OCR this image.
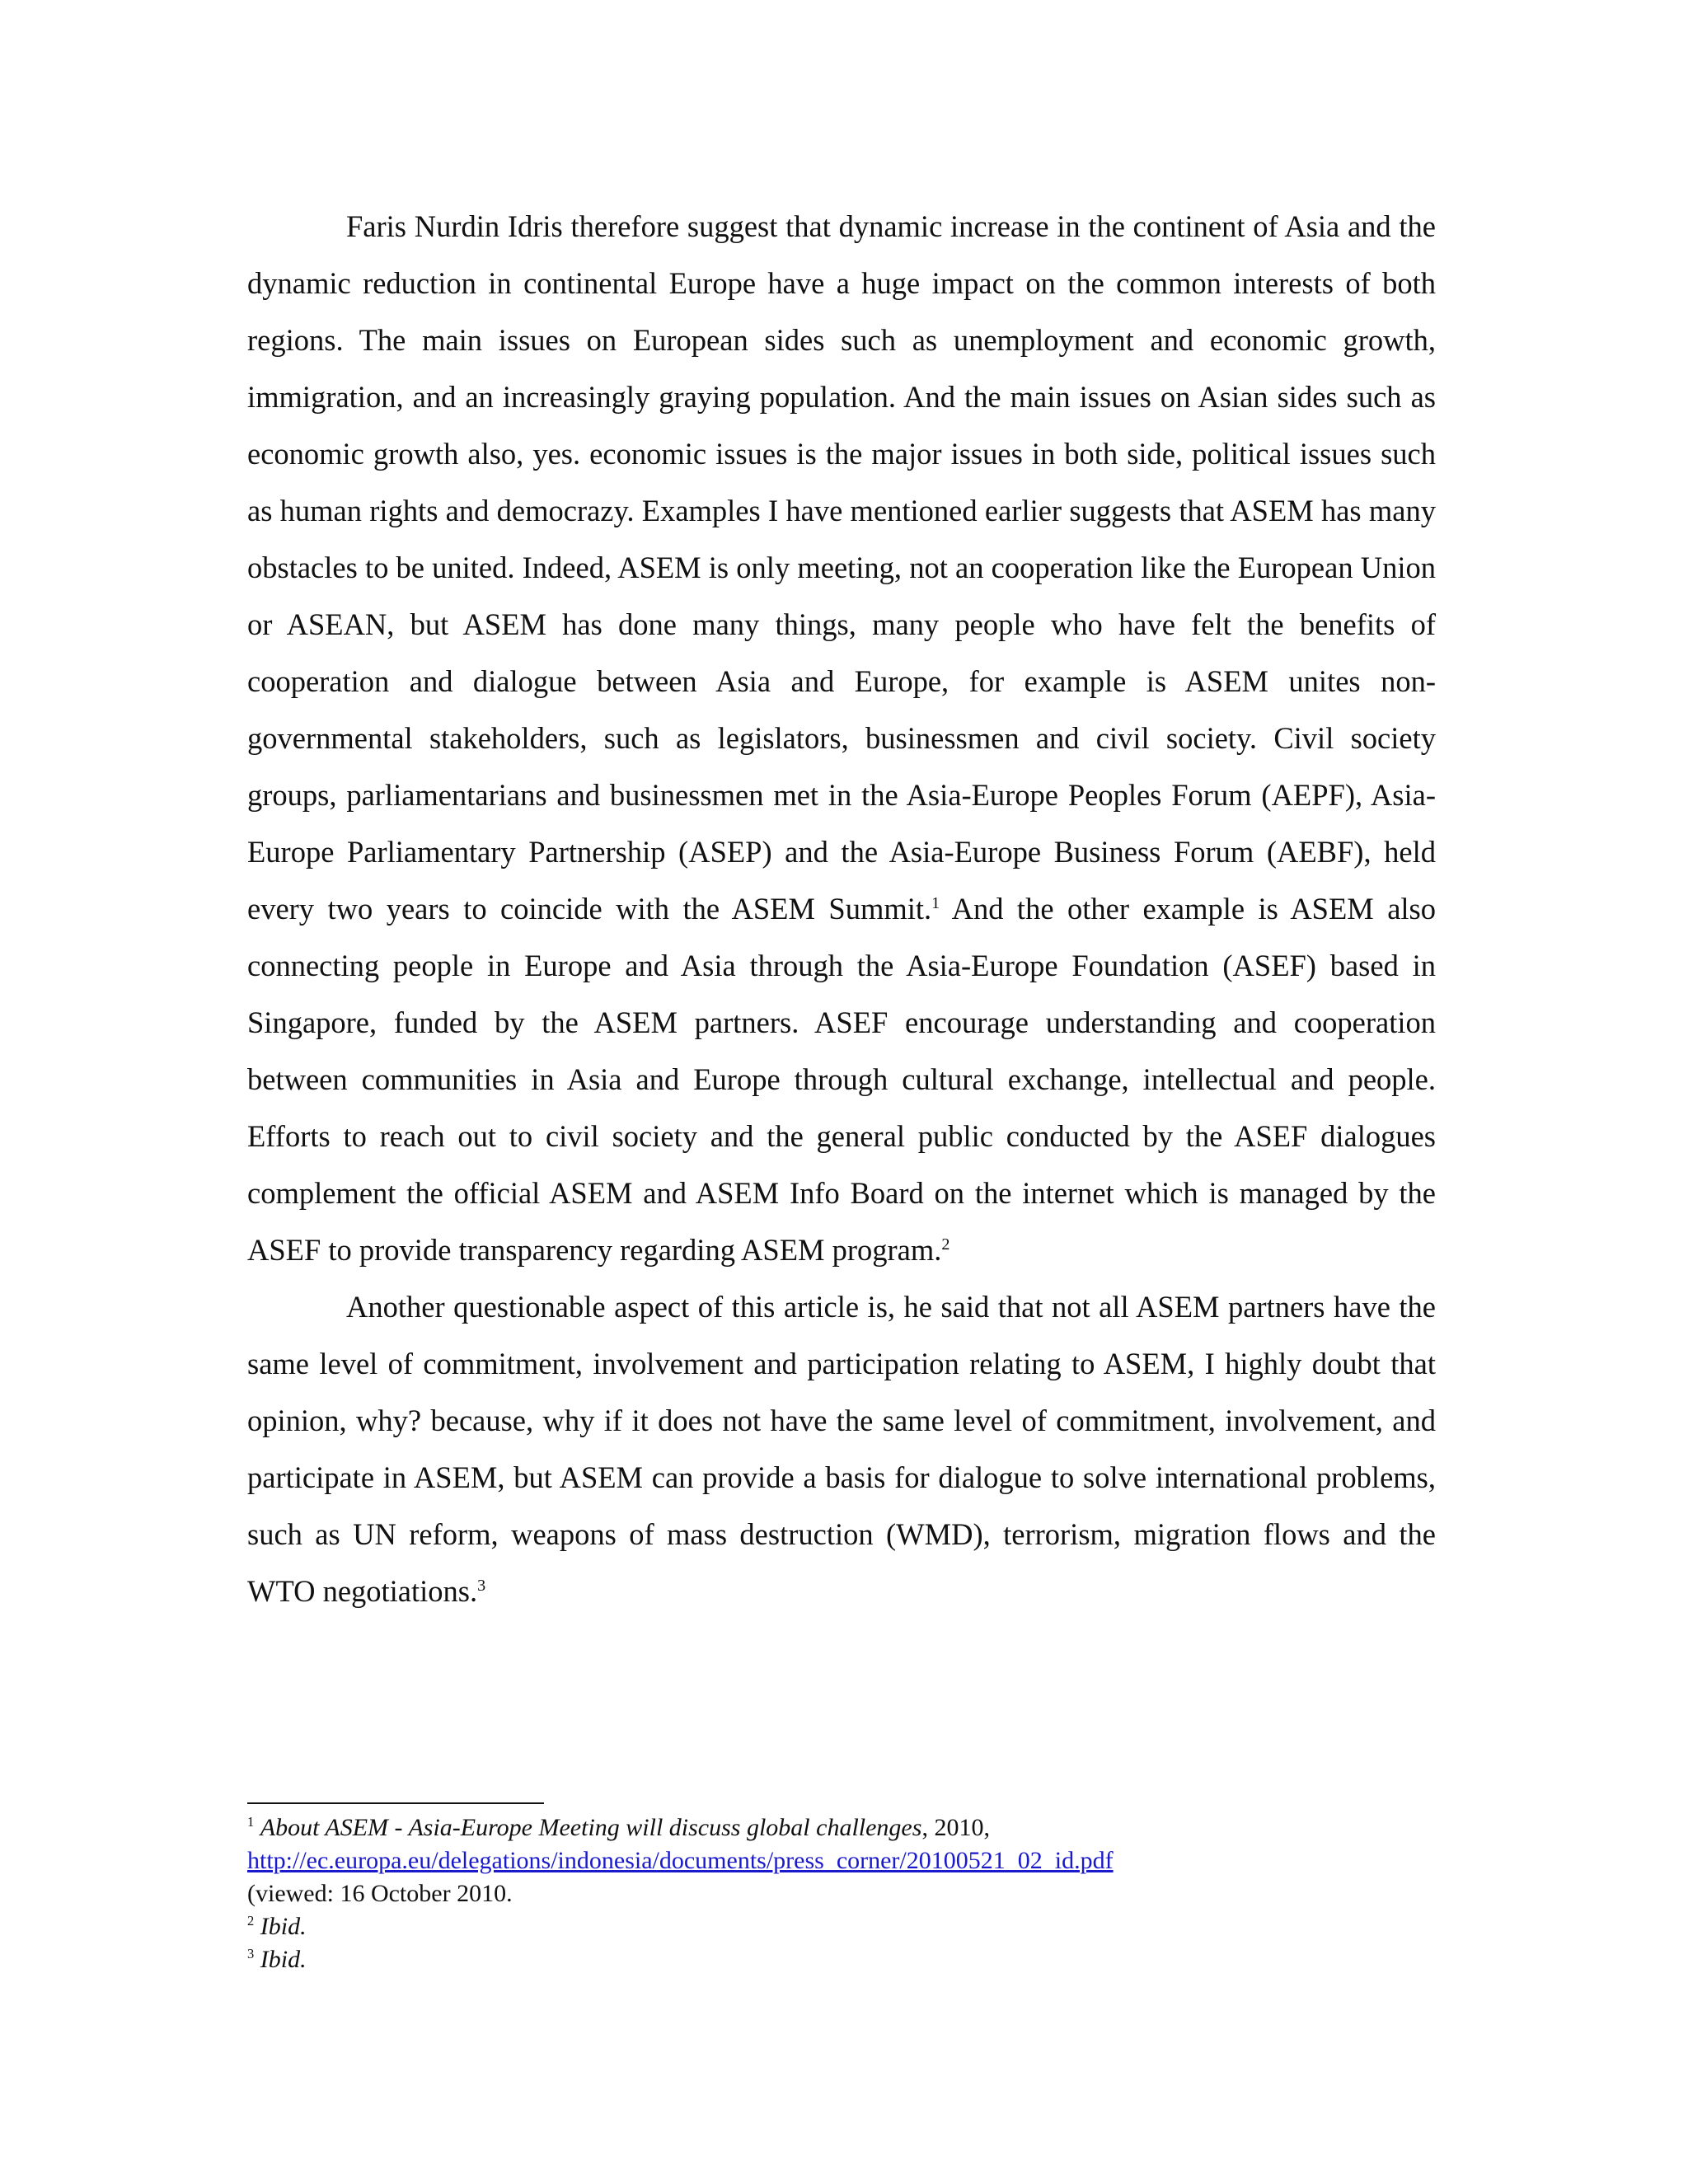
Faris Nurdin Idris therefore suggest that dynamic increase in the continent of Asia and the dynamic reduction in continental Europe have a huge impact on the common interests of both regions. The main issues on European sides such as unemployment and economic growth, immigration, and an increasingly graying population. And the main issues on Asian sides such as economic growth also, yes. economic issues is the major issues in both side, political issues such as human rights and democrazy. Examples I have mentioned earlier suggests that ASEM has many obstacles to be united. Indeed, ASEM is only meeting, not an cooperation like the European Union or ASEAN, but ASEM has done many things, many people who have felt the benefits of cooperation and dialogue between Asia and Europe, for example is ASEM unites non-governmental stakeholders, such as legislators, businessmen and civil society. Civil society groups, parliamentarians and businessmen met in the Asia-Europe Peoples Forum (AEPF), Asia-Europe Parliamentary Partnership (ASEP) and the Asia-Europe Business Forum (AEBF), held every two years to coincide with the ASEM Summit.$^1$ And the other example is ASEM also connecting people in Europe and Asia through the Asia-Europe Foundation (ASEF) based in Singapore, funded by the ASEM partners. ASEF encourage understanding and cooperation between communities in Asia and Europe through cultural exchange, intellectual and people. Efforts to reach out to civil society and the general public conducted by the ASEF dialogues complement the official ASEM and ASEM Info Board on the internet which is managed by the ASEF to provide transparency regarding ASEM program.$^2$

Another questionable aspect of this article is, he said that not all ASEM partners have the same level of commitment, involvement and participation relating to ASEM, I highly doubt that opinion, why? because, why if it does not have the same level of commitment, involvement, and participate in ASEM, but ASEM can provide a basis for dialogue to solve international problems, such as UN reform, weapons of mass destruction (WMD), terrorism, migration flows and the WTO negotiations.$^3$

$^1$ About ASEM - Asia-Europe Meeting will discuss global challenges, 2010,
http://ec.europa.eu/delegations/indonesia/documents/press_corner/20100521_02_id.pdf
(viewed: 16 October 2010.

$^2$ Ibid.

$^3$ Ibid.
